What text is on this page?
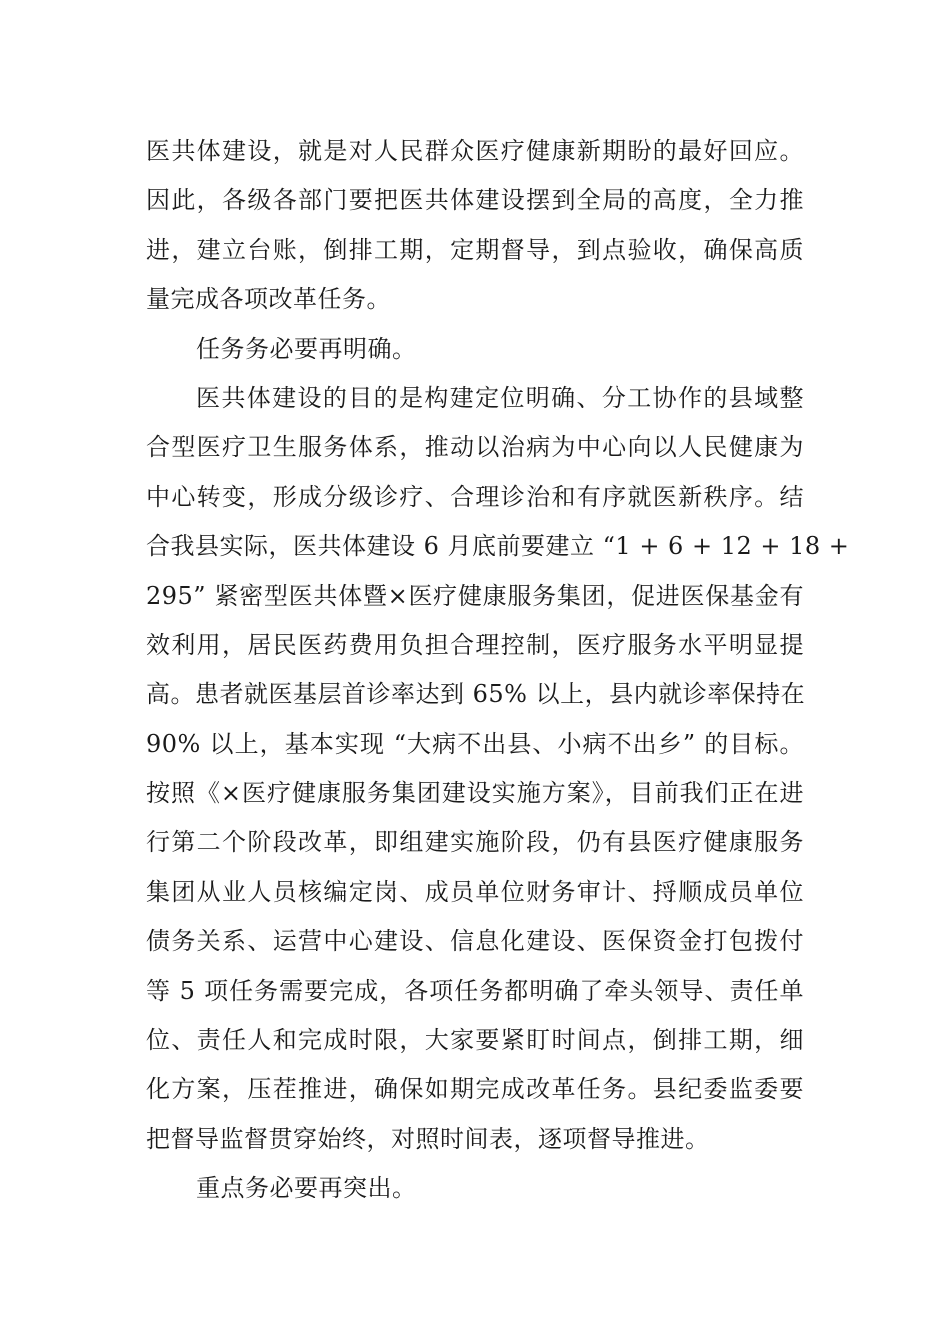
医共体建设，就是对人民群众医疗健康新期盼的最好回应。
因此，各级各部门要把医共体建设摆到全局的高度，全力推
进，建立台账，倒排工期，定期督导，到点验收，确保高质
量完成各项改革任务。
任务务必要再明确。
医共体建设的目的是构建定位明确、分工协作的县域整
合型医疗卫生服务体系，推动以治病为中心向以人民健康为
中心转变，形成分级诊疗、合理诊治和有序就医新秩序。结
合我县实际，医共体建设 6 月底前要建立 “1 + 6 + 12 + 18 +
295” 紧密型医共体暨×医疗健康服务集团，促进医保基金有
效利用，居民医药费用负担合理控制，医疗服务水平明显提
高。患者就医基层首诊率达到 65% 以上，县内就诊率保持在
90% 以上，基本实现 “大病不出县、小病不出乡” 的目标。
按照《×医疗健康服务集团建设实施方案》，目前我们正在进
行第二个阶段改革，即组建实施阶段，仍有县医疗健康服务
集团从业人员核编定岗、成员单位财务审计、捋顺成员单位
债务关系、运营中心建设、信息化建设、医保资金打包拨付
等 5 项任务需要完成，各项任务都明确了牵头领导、责任单
位、责任人和完成时限，大家要紧盯时间点，倒排工期，细
化方案，压茬推进，确保如期完成改革任务。县纪委监委要
把督导监督贯穿始终，对照时间表，逐项督导推进。
重点务必要再突出。
